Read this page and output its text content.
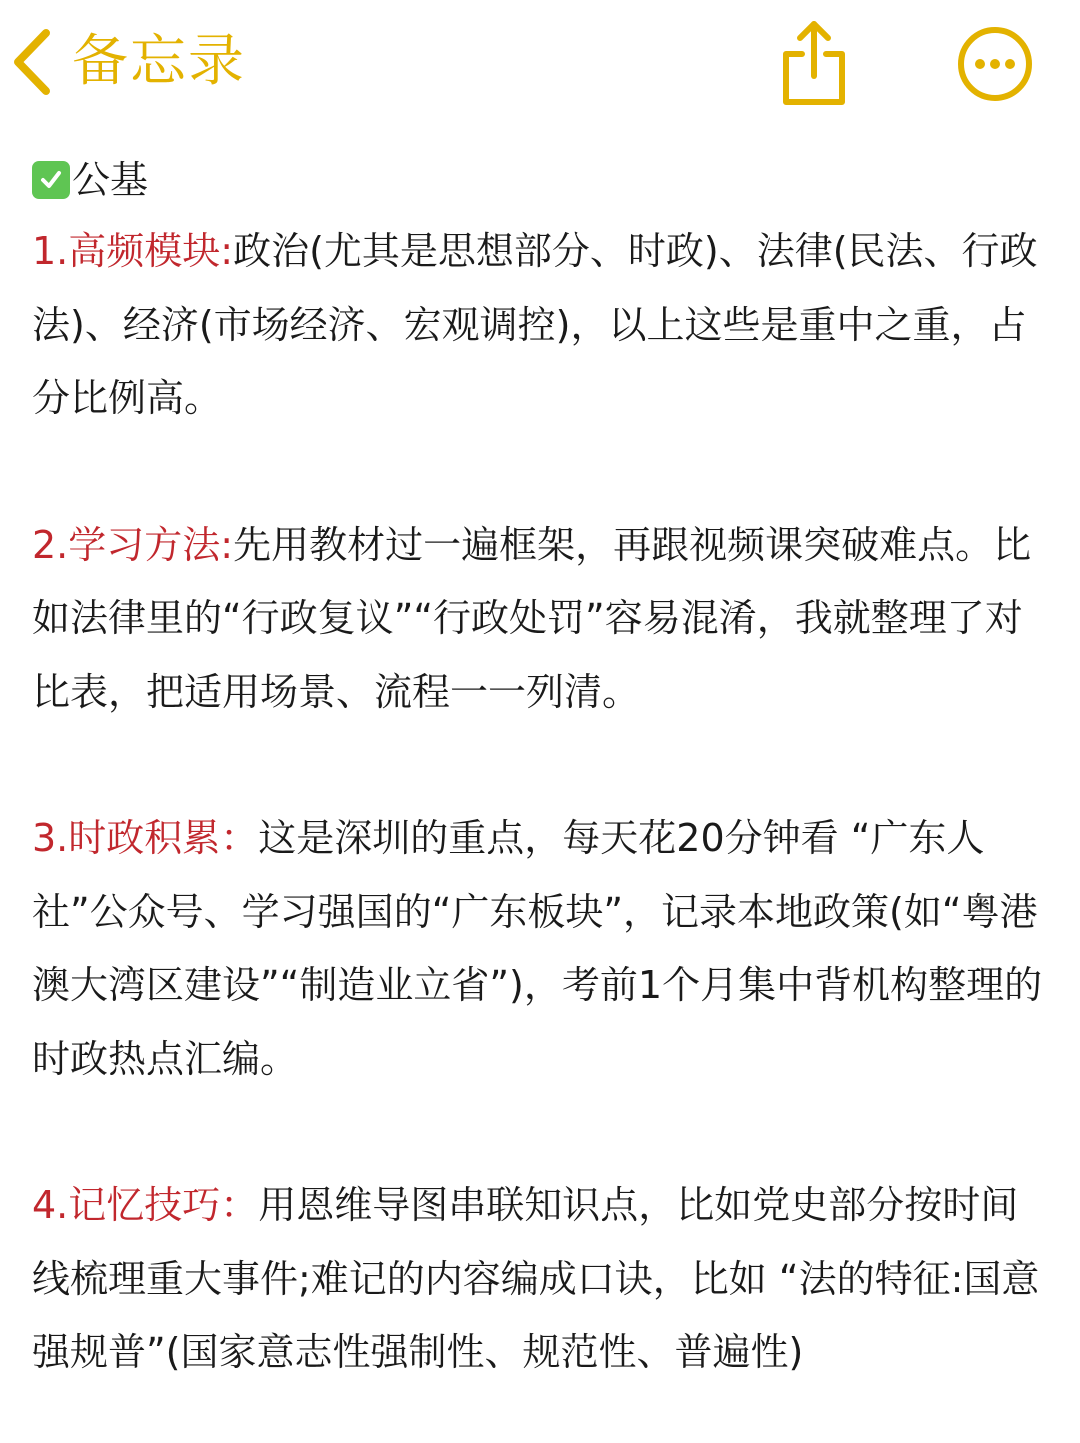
备忘录
公基

1.高频模块:政治(尤其是思想部分、时政)、法律(民法、行政法)、经济(市场经济、宏观调控)，以上这些是重中之重，占分比例高。

2.学习方法:先用教材过一遍框架，再跟视频课突破难点。比如法律里的“行政复议”“行政处罚”容易混淆，我就整理了对比表，把适用场景、流程一一列清。

3.时政积累：这是深圳的重点，每天花20分钟看 “广东人社”公众号、学习强国的“广东板块”，记录本地政策(如“粤港澳大湾区建设”“制造业立省”)，考前1个月集中背机构整理的时政热点汇编。

4.记忆技巧：用恩维导图串联知识点，比如党史部分按时间线梳理重大事件;难记的内容编成口诀，比如 “法的特征:国意强规普”(国家意志性强制性、规范性、普遍性)
